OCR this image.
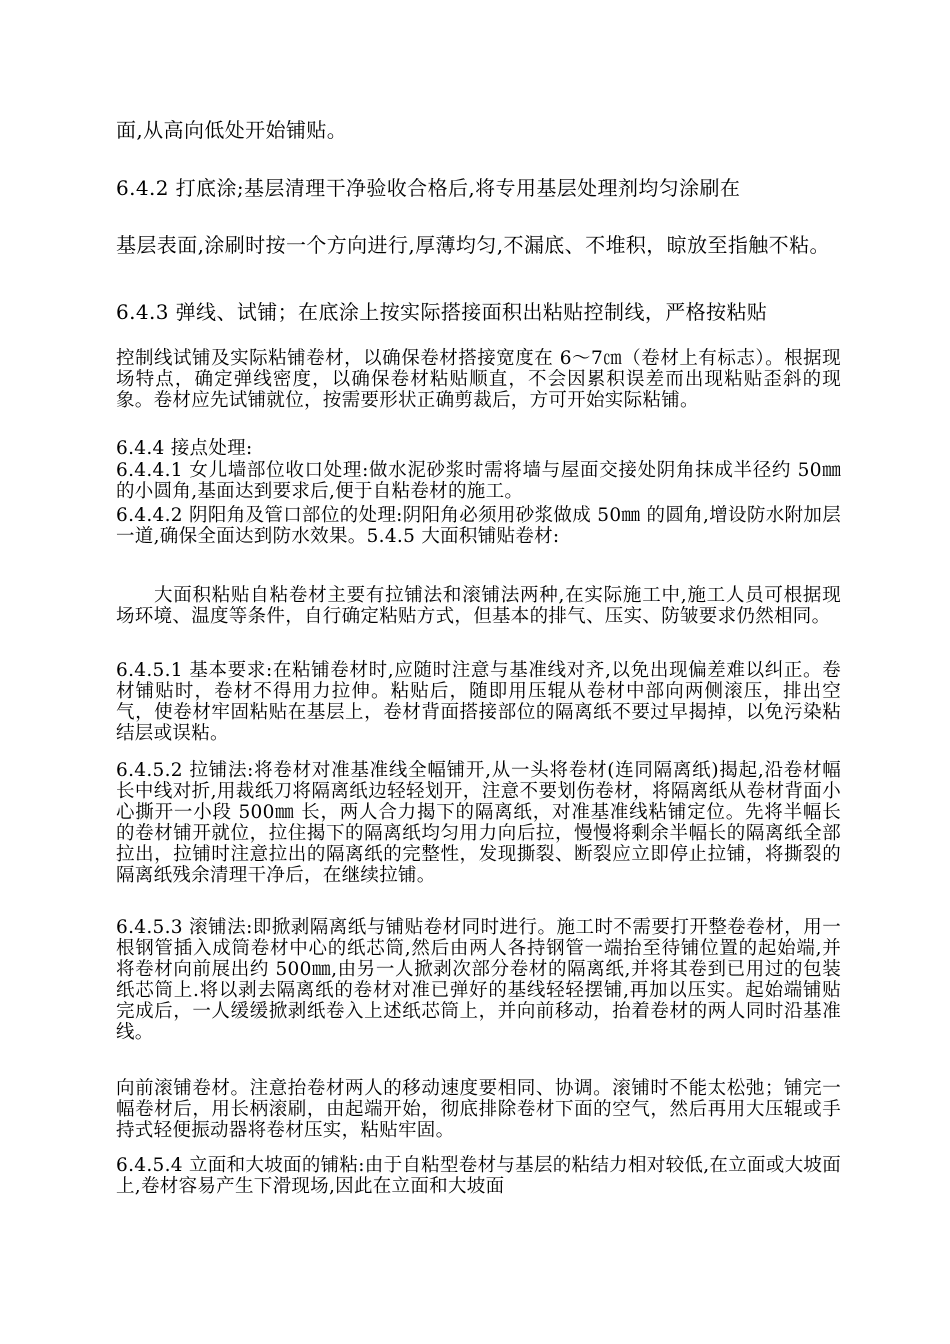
面,从高向低处开始铺贴。

6.4.2 打底涂;基层清理干净验收合格后,将专用基层处理剂均匀涂刷在

基层表面,涂刷时按一个方向进行,厚薄均匀,不漏底、不堆积，晾放至指触不粘。

6.4.3 弹线、试铺；在底涂上按实际搭接面积出粘贴控制线，严格按粘贴

控制线试铺及实际粘铺卷材，以确保卷材搭接宽度在 6～7㎝（卷材上有标志）。根据现场特点，确定弹线密度，以确保卷材粘贴顺直，不会因累积误差而出现粘贴歪斜的现象。卷材应先试铺就位，按需要形状正确剪裁后，方可开始实际粘铺。

6.4.4 接点处理:

6.4.4.1 女儿墙部位收口处理:做水泥砂浆时需将墙与屋面交接处阴角抹成半径约 50㎜ 的小圆角,基面达到要求后,便于自粘卷材的施工。

6.4.4.2 阴阳角及管口部位的处理:阴阳角必须用砂浆做成 50㎜ 的圆角,增设防水附加层一道,确保全面达到防水效果。5.4.5 大面积铺贴卷材:

大面积粘贴自粘卷材主要有拉铺法和滚铺法两种,在实际施工中,施工人员可根据现场环境、温度等条件，自行确定粘贴方式，但基本的排气、压实、防皱要求仍然相同。

6.4.5.1 基本要求:在粘铺卷材时,应随时注意与基准线对齐,以免出现偏差难以纠正。卷材铺贴时，卷材不得用力拉伸。粘贴后，随即用压辊从卷材中部向两侧滚压，排出空气，使卷材牢固粘贴在基层上，卷材背面搭接部位的隔离纸不要过早揭掉，以免污染粘结层或误粘。

6.4.5.2 拉铺法:将卷材对准基准线全幅铺开,从一头将卷材(连同隔离纸)揭起,沿卷材幅长中线对折,用裁纸刀将隔离纸边轻轻划开，注意不要划伤卷材，将隔离纸从卷材背面小心撕开一小段 500㎜ 长，两人合力揭下的隔离纸，对准基准线粘铺定位。先将半幅长的卷材铺开就位，拉住揭下的隔离纸均匀用力向后拉，慢慢将剩余半幅长的隔离纸全部拉出，拉铺时注意拉出的隔离纸的完整性，发现撕裂、断裂应立即停止拉铺，将撕裂的隔离纸残余清理干净后，在继续拉铺。

6.4.5.3 滚铺法:即掀剥隔离纸与铺贴卷材同时进行。施工时不需要打开整卷卷材，用一根钢管插入成筒卷材中心的纸芯筒,然后由两人各持钢管一端抬至待铺位置的起始端,并将卷材向前展出约 500㎜,由另一人掀剥次部分卷材的隔离纸,并将其卷到已用过的包装纸芯筒上.将以剥去隔离纸的卷材对准已弹好的基线轻轻摆铺,再加以压实。起始端铺贴完成后，一人缓缓掀剥纸卷入上述纸芯筒上，并向前移动，抬着卷材的两人同时沿基准线。

向前滚铺卷材。注意抬卷材两人的移动速度要相同、协调。滚铺时不能太松弛；铺完一幅卷材后，用长柄滚刷，由起端开始，彻底排除卷材下面的空气，然后再用大压辊或手持式轻便振动器将卷材压实，粘贴牢固。

6.4.5.4 立面和大坡面的铺粘:由于自粘型卷材与基层的粘结力相对较低,在立面或大坡面上,卷材容易产生下滑现场,因此在立面和大坡面
